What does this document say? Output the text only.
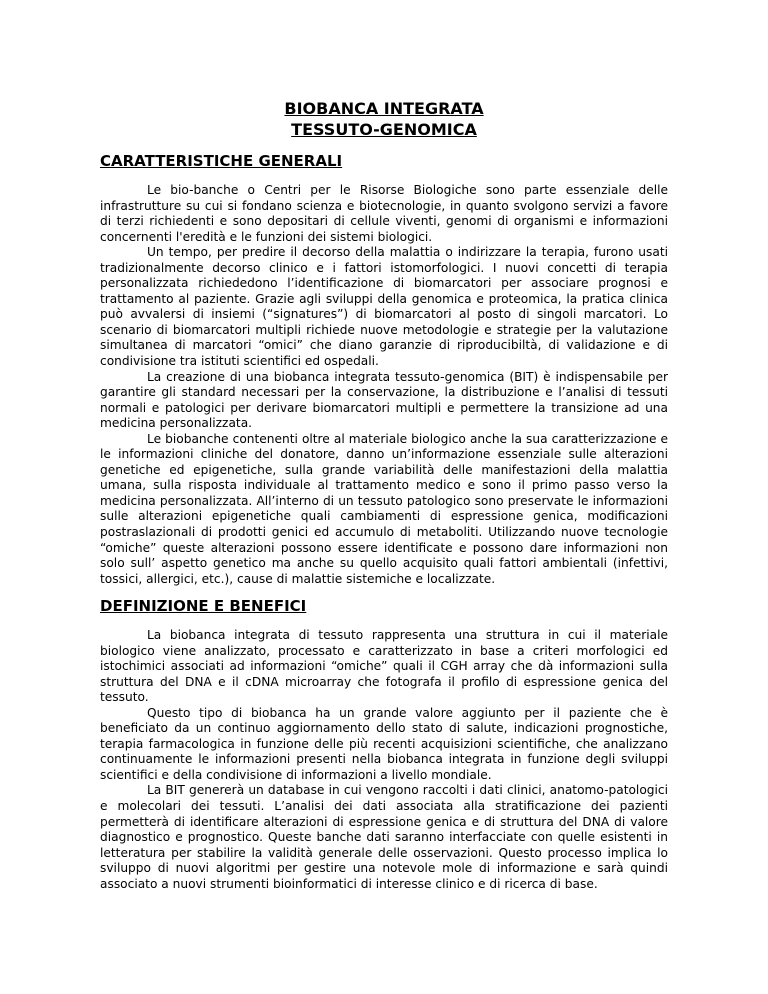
BIOBANCA INTEGRATA
TESSUTO-GENOMICA
CARATTERISTICHE GENERALI

Le bio-banche o Centri per le Risorse Biologiche sono parte essenziale delle infrastrutture su cui si fondano scienza e biotecnologie, in quanto svolgono servizi a favore di terzi richiedenti e sono depositari di cellule viventi, genomi di organismi e informazioni concernenti l'eredità e le funzioni dei sistemi biologici.

Un tempo, per predire il decorso della malattia o indirizzare la terapia, furono usati tradizionalmente decorso clinico e i fattori istomorfologici. I nuovi concetti di terapia personalizzata richiededono l’identificazione di biomarcatori per associare prognosi e trattamento al paziente. Grazie agli sviluppi della genomica e proteomica, la pratica clinica può avvalersi di insiemi (“signatures”) di biomarcatori al posto di singoli marcatori. Lo scenario di biomarcatori multipli richiede nuove metodologie e strategie per la valutazione simultanea di marcatori “omici” che diano garanzie di riproducibiltà, di validazione e di condivisione tra istituti scientifici ed ospedali.

La creazione di una biobanca integrata tessuto-genomica (BIT) è indispensabile per garantire gli standard necessari per la conservazione, la distribuzione e l’analisi di tessuti normali e patologici per derivare biomarcatori multipli e permettere la transizione ad una medicina personalizzata.

Le biobanche contenenti oltre al materiale biologico anche la sua caratterizzazione e le informazioni cliniche del donatore, danno un’informazione essenziale sulle alterazioni genetiche ed epigenetiche, sulla grande variabilità delle manifestazioni della malattia umana, sulla risposta individuale al trattamento medico e sono il primo passo verso la medicina personalizzata. All’interno di un tessuto patologico sono preservate le informazioni sulle alterazioni epigenetiche quali cambiamenti di espressione genica, modificazioni postraslazionali di prodotti genici ed accumulo di metaboliti. Utilizzando nuove tecnologie “omiche” queste alterazioni possono essere identificate e possono dare informazioni non solo sull’ aspetto genetico ma anche su quello acquisito quali fattori ambientali (infettivi, tossici, allergici, etc.), cause di malattie sistemiche e localizzate.

DEFINIZIONE E BENEFICI

La biobanca integrata di tessuto rappresenta una struttura in cui il materiale biologico viene analizzato, processato e caratterizzato in base a criteri morfologici ed istochimici associati ad informazioni “omiche” quali il CGH array che dà informazioni sulla struttura del DNA e il cDNA microarray che fotografa il profilo di espressione genica del tessuto.

Questo tipo di biobanca ha un grande valore aggiunto per il paziente che è beneficiato da un continuo aggiornamento dello stato di salute, indicazioni prognostiche, terapia farmacologica in funzione delle più recenti acquisizioni scientifiche, che analizzano continuamente le informazioni presenti nella biobanca integrata in funzione degli sviluppi scientifici e della condivisione di informazioni a livello mondiale.

La BIT genererà un database in cui vengono raccolti i dati clinici, anatomo-patologici e molecolari dei tessuti. L’analisi dei dati associata alla stratificazione dei pazienti permetterà di identificare alterazioni di espressione genica e di struttura del DNA di valore diagnostico e prognostico. Queste banche dati saranno interfacciate con quelle esistenti in letteratura per stabilire la validità generale delle osservazioni. Questo processo implica lo sviluppo di nuovi algoritmi per gestire una notevole mole di informazione e sarà quindi associato a nuovi strumenti bioinformatici di interesse clinico e di ricerca di base.
